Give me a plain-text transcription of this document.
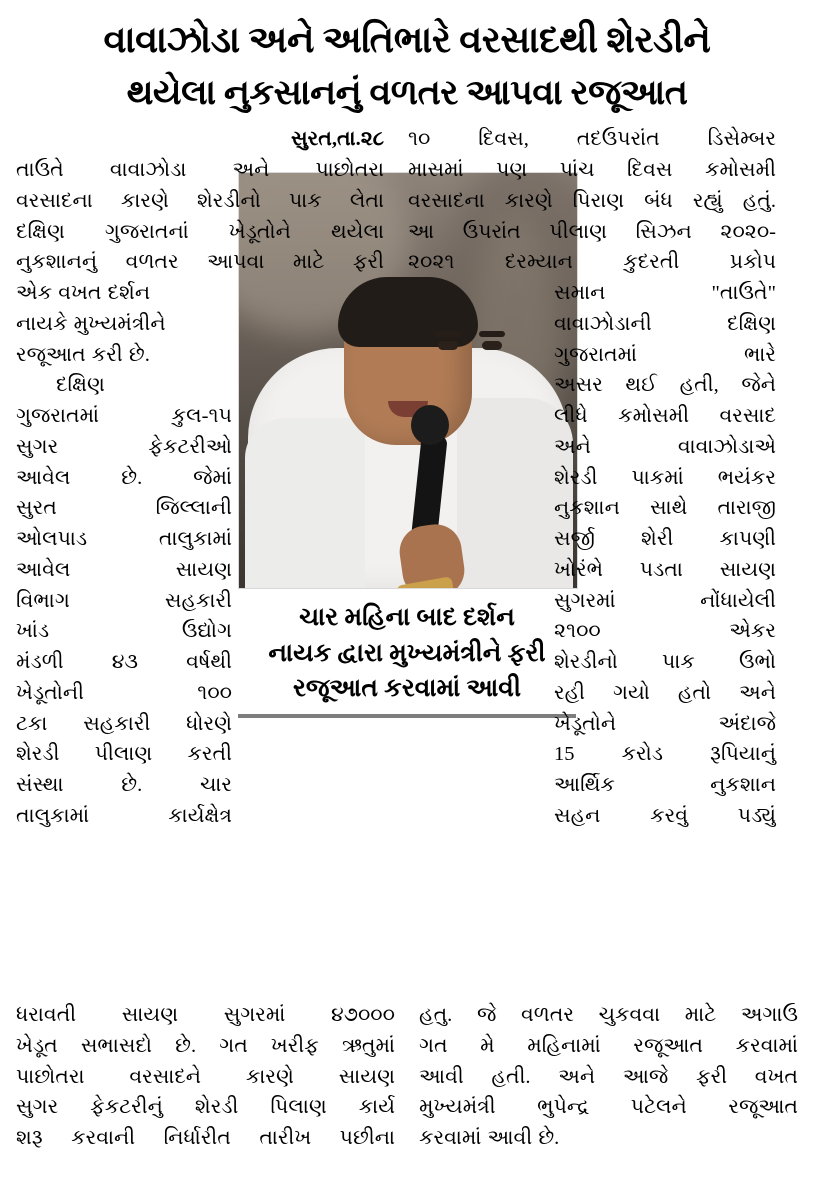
વાવાઝોડા અને અતિભારે વરસાદથી શેરડીને
થયેલા નુકસાનનું વળતર આપવા રજૂઆત
ચાર મહિના બાદ દર્શન
નાયક દ્વારા મુખ્યમંત્રીને ફરી
રજૂઆત કરવામાં આવી

સુરત,તા.૨૮

તાઉતે વાવાઝોડા અને પાછોતરા

વરસાદના કારણે શેરડીનો પાક લેતા

દક્ષિણ ગુજરાતનાં ખેડૂતોને થયેલા

નુકશાનનું વળતર આપવા માટે ફરી

એક વખત દર્શન

નાયકે મુખ્યમંત્રીને

રજૂઆત કરી છે.

દક્ષિણ

ગુજરાતમાં કુલ-૧૫

સુગર ફેકટરીઓ

આવેલ છે. જેમાં

સુરત જિલ્લાની

ઓલપાડ તાલુકામાં

આવેલ સાયણ

વિભાગ સહકારી

ખાંડ ઉદ્યોગ

મંડળી ૪૩ વર્ષથી

ખેડૂતોની ૧૦૦

ટકા સહકારી ધોરણે

શેરડી પીલાણ કરતી

સંસ્થા છે. ચાર

તાલુકામાં કાર્યક્ષેત્ર

૧૦ દિવસ, તદઉપરાંત ડિસેમ્બર

માસમાં પણ પાંચ દિવસ કમોસમી

વરસાદના કારણે પિરાણ બંધ રહ્યું હતું.

આ ઉપરાંત પીલાણ સિઝન ૨૦૨૦-

૨૦૨૧ દરમ્યાન કુદરતી પ્રકોપ

સમાન "તાઉતે"

વાવાઝોડાની દક્ષિણ

ગુજરાતમાં ભારે

અસર થઈ હતી, જેને

લીધે કમોસમી વરસાદ

અને વાવાઝોડાએ

શેરડી પાકમાં ભયંકર

નુકશાન સાથે તારાજી

સર્જી શેરી કાપણી

ખોરંભે પડતા સાયણ

સુગરમાં નોંધાયેલી

૨૧૦૦ એકર

શેરડીનો પાક ઉભો

રહી ગયો હતો અને

ખેડૂતોને અંદાજે

15 કરોડ રૂપિયાનું

આર્થિક નુકશાન

સહન કરવું પડ્યું

ધરાવતી સાયણ સુગરમાં ૪૭૦૦૦

ખેડૂત સભાસદો છે. ગત ખરીફ ઋતુમાં

પાછોતરા વરસાદને કારણે સાયણ

સુગર ફેકટરીનું શેરડી પિલાણ કાર્ય

શરૂ કરવાની નિર્ધારીત તારીખ પછીના

હતુ. જે વળતર ચુકવવા માટે અગાઉ

ગત મે મહિનામાં રજૂઆત કરવામાં

આવી હતી. અને આજે ફરી વખત

મુખ્યમંત્રી ભુપેન્દ્ર પટેલને રજૂઆત

કરવામાં આવી છે.
